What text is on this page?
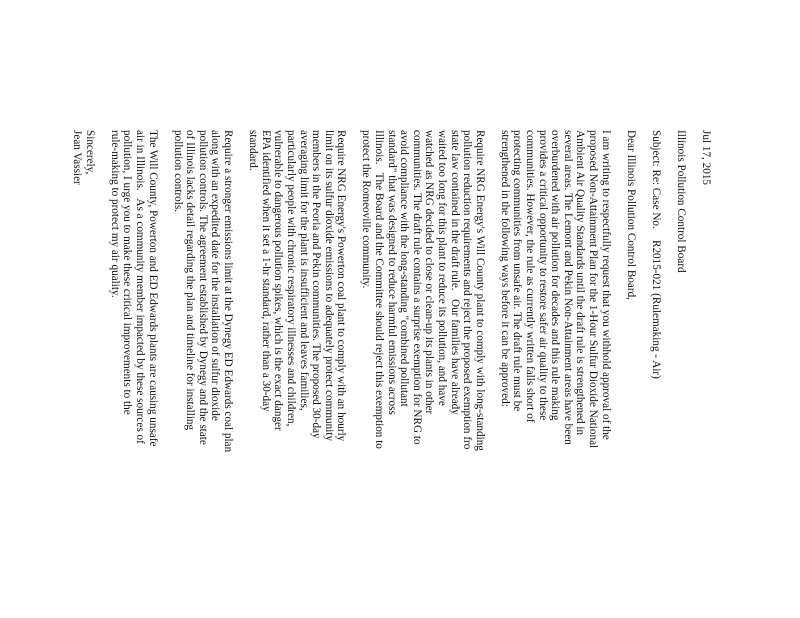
Jul 17, 2015
Illinois Pollution Control Board
Subject: Re: Case No.    R2015-021 (Rulemaking - Air)
Dear Illinois Pollution Control Board,
I am writing to respectfully request that you withhold approval of the
proposed Non-Attainment Plan for the 1-Hour Sulfur Dioxide National
Ambient Air Quality Standards until the draft rule is strengthened in
several areas. The Lemont and Pekin Non-Attainment areas have been
overburdened with air pollution for decades and this rule making
provides a critical opportunity to restore safer air quality to these
communities. However, the rule as currently written falls short of
protecting communities from unsafe air. The draft rule must be
strengthened in the following ways before it can be approved:
Require NRG Energy's Will County plant to comply with long-standing
pollution reduction requirements and reject the proposed exemption fro
state law contained in the draft rule.   Our families have already
waited too long for this plant to reduce its pollution, and have
watched as NRG decided to close or clean-up its plants in other
communities. The draft rule contains a surprise exemption for NRG to
avoid compliance with the long-standing "combined pollutant
standard" that was designed to reduce harmful emissions across
Illinois.   The Board and the Committee should reject this exemption to
protect the Romeoville community.
Require NRG Energy's Powerton coal plant to comply with an hourly
limit on its sulfur dioxide emissions to adequately protect community
members in the Peoria and Pekin communities. The proposed 30-day
averaging limit for the plant is insufficient and leaves families,
particularly people with chronic respiratory illnesses and children,
vulnerable to dangerous pollution spikes, which is the exact danger
EPA identified when it set a 1-hr standard, rather than a 30-day
standard.
Require a stronger emissions limit at the Dynegy ED Edwards coal plan
along with an expedited date for the installation of sulfur dioxide
pollution controls. The agreement established by Dynegy and the state
of Illinois lacks detail regarding the plan and timeline for installing
pollution controls.
The Will County, Powerton and ED Edwards plants are causing unsafe
air in Illinois.   As a community member impacted by these sources of
pollution, I urge you to make these critical improvements to the
rule-making to protect my air quality.
Sincerely,
Jean Vassier
